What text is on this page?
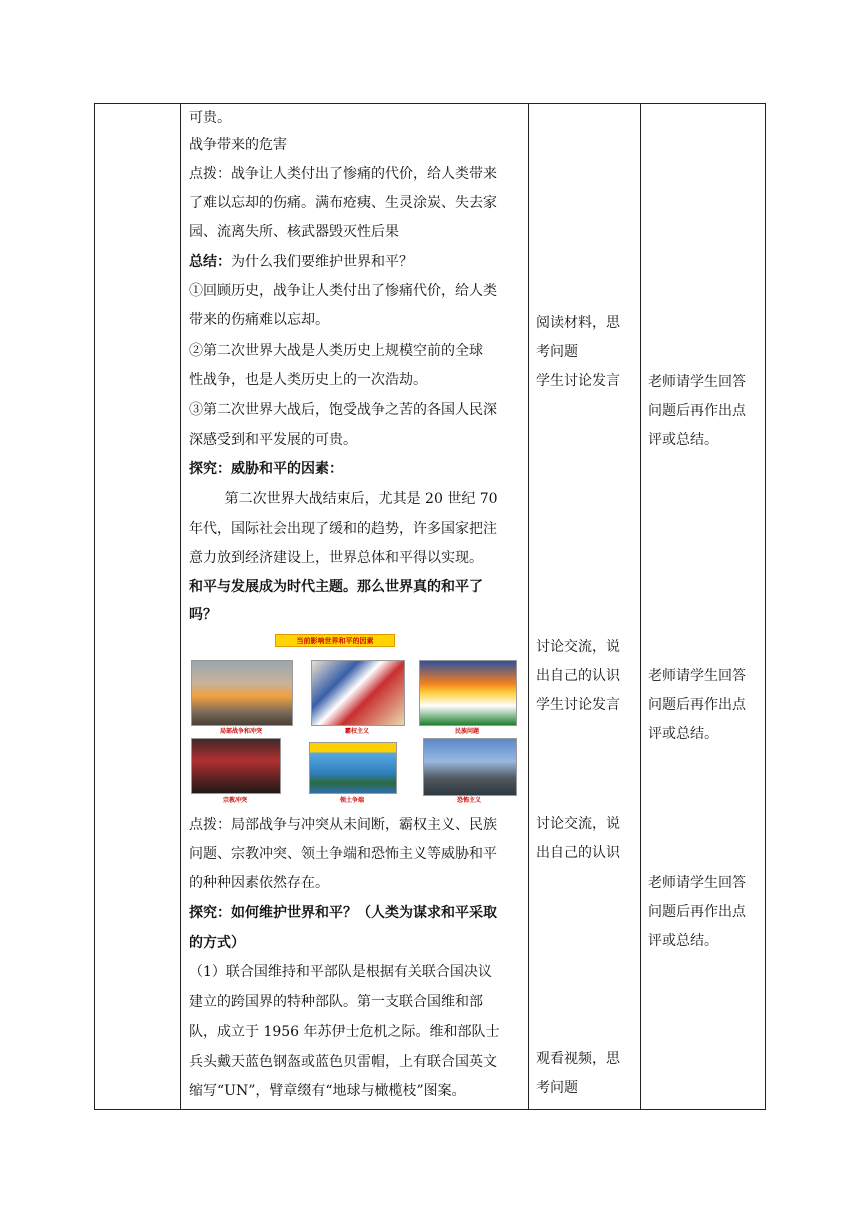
可贵。
战争带来的危害
点拨：战争让人类付出了惨痛的代价，给人类带来
了难以忘却的伤痛。满布疮痍、生灵涂炭、失去家
园、流离失所、核武器毁灭性后果
总结：为什么我们要维护世界和平？
①回顾历史，战争让人类付出了惨痛代价，给人类
带来的伤痛难以忘却。
②第二次世界大战是人类历史上规模空前的全球
性战争，也是人类历史上的一次浩劫。
③第二次世界大战后，饱受战争之苦的各国人民深
深感受到和平发展的可贵。
探究：威胁和平的因素：
第二次世界大战结束后，尤其是 20 世纪 70
年代，国际社会出现了缓和的趋势，许多国家把注
意力放到经济建设上，世界总体和平得以实现。
和平与发展成为时代主题。那么世界真的和平了
吗？
当前影响世界和平的因素
局部战争和冲突	霸权主义	民族问题
宗教冲突	领土争端	恐怖主义
点拨：局部战争与冲突从未间断，霸权主义、民族
问题、宗教冲突、领土争端和恐怖主义等威胁和平
的种种因素依然存在。
探究：如何维护世界和平？（人类为谋求和平采取
的方式）
（1）联合国维持和平部队是根据有关联合国决议
建立的跨国界的特种部队。第一支联合国维和部
队，成立于 1956 年苏伊士危机之际。维和部队士
兵头戴天蓝色钢盔或蓝色贝雷帽，上有联合国英文
缩写“UN”，臂章缀有“地球与橄榄枝”图案。
阅读材料，思
考问题
学生讨论发言
讨论交流，说
出自己的认识
学生讨论发言
讨论交流，说
出自己的认识
观看视频，思
考问题
老师请学生回答
问题后再作出点
评或总结。
老师请学生回答
问题后再作出点
评或总结。
老师请学生回答
问题后再作出点
评或总结。
